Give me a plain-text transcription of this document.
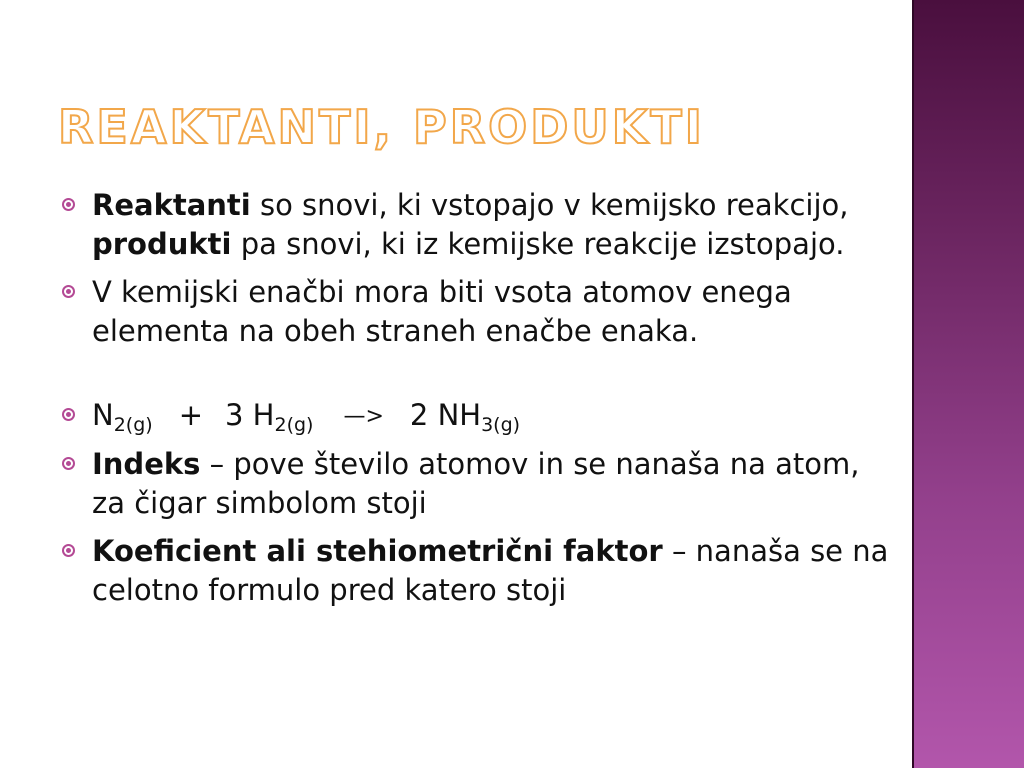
REAKTANTI, PRODUKTI
Reaktanti so snovi, ki vstopajo v kemijsko reakcijo, produkti pa snovi, ki iz kemijske reakcije izstopajo.
V kemijski enačbi mora biti vsota atomov enega elementa na obeh straneh enačbe enaka.
$N_{2(g)} + 3$ $H_{2(g)}$ —> 2 $NH_{3(g)}$
Indeks – pove število atomov in se nanaša na atom, za čigar simbolom stoji
Koeficient ali stehiometrični faktor – nanaša se na celotno formulo pred katero stoji
